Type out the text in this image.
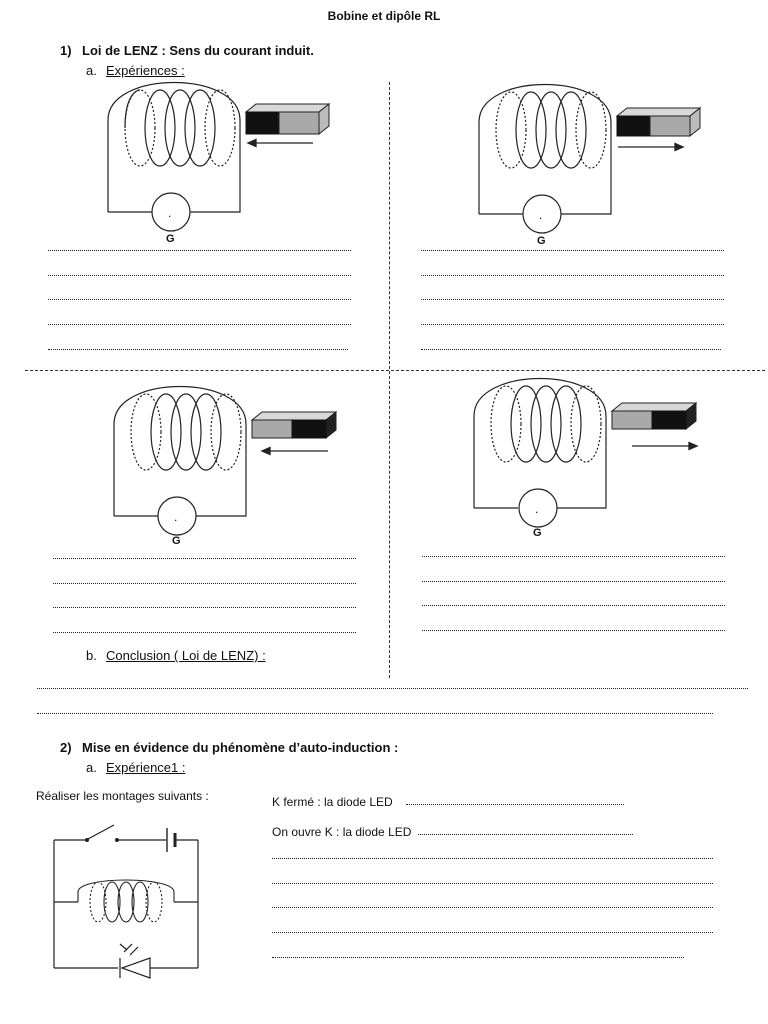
Bobine et dipôle RL
1) Loi de LENZ : Sens du courant induit.
a. Expériences :
.
G
.
G
.
G
.
G
b. Conclusion ( Loi de LENZ) :
2) Mise en évidence du phénomène d’auto-induction :
a. Expérience1 :
Réaliser les montages suivants :	K fermé : la diode LED
On ouvre K : la diode LED
